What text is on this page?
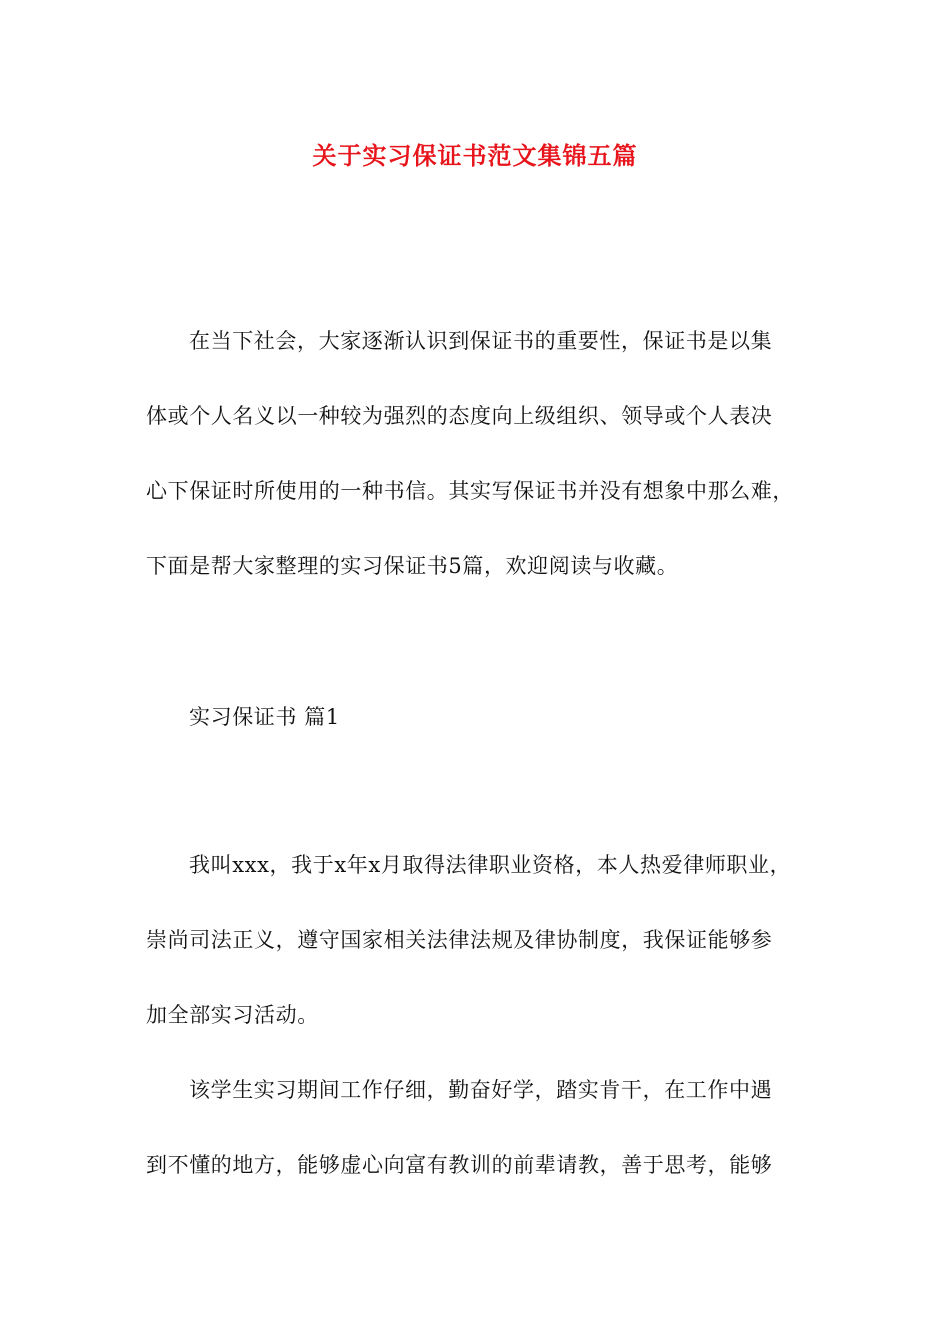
关于实习保证书范文集锦五篇
在当下社会，大家逐渐认识到保证书的重要性，保证书是以集
体或个人名义以一种较为强烈的态度向上级组织、领导或个人表决
心下保证时所使用的一种书信。其实写保证书并没有想象中那么难，
下面是帮大家整理的实习保证书5篇，欢迎阅读与收藏。
实习保证书 篇1
我叫xxx，我于x年x月取得法律职业资格，本人热爱律师职业，
崇尚司法正义，遵守国家相关法律法规及律协制度，我保证能够参
加全部实习活动。
该学生实习期间工作仔细，勤奋好学，踏实肯干，在工作中遇
到不懂的地方，能够虚心向富有教训的前辈请教，善于思考，能够
